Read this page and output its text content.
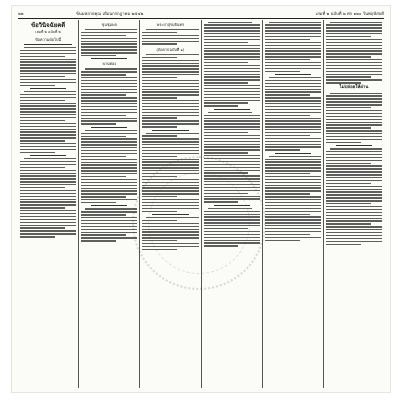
๒๒	ข้นมหลายคุณ เดือนกรกฎาคม ๒๕๔๒	เล่มที่ ๒ ฉบับที่ ๒ ศก ๑๒๐ วันพฤหัสบดี
ข้อวินิจฉัยคดี
เล่มที่ ๒ ฉบับที่ ๒
ข้อความต่อไปนี้
ขุนชุมพล
พานทอง
พระยาสุรบดินทร
(ต่อจากฉบับที่ ๑)
ไม่ปล่อยให้ผ่าน
